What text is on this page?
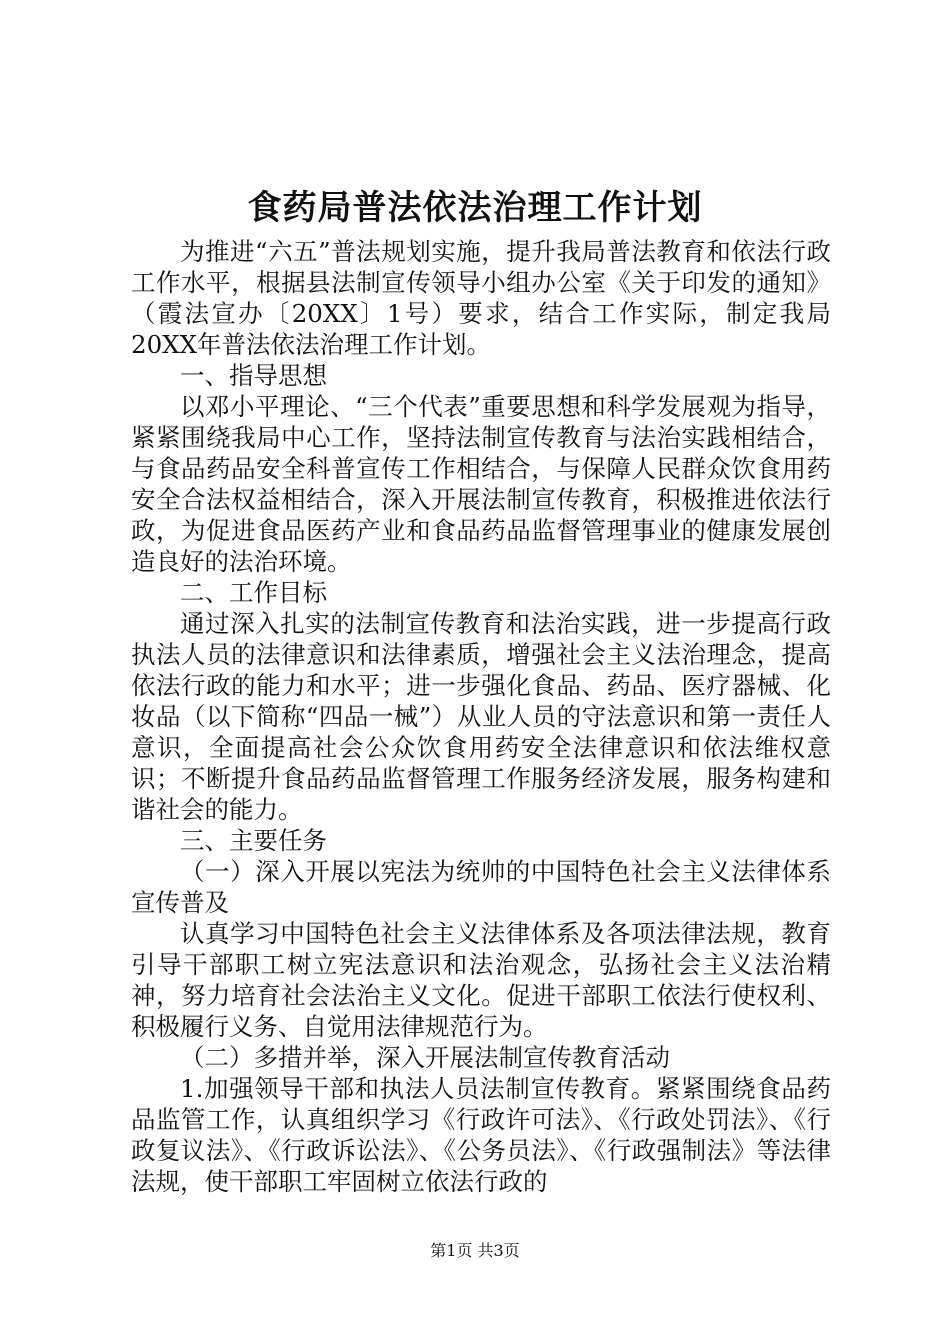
食药局普法依法治理工作计划

为推进“六五”普法规划实施，提升我局普法教育和依法行政工作水平，根据县法制宣传领导小组办公室《关于印发的通知》（霞法宣办〔20XX〕1号）要求，结合工作实际，制定我局20XX年普法依法治理工作计划。

一、指导思想

以邓小平理论、“三个代表”重要思想和科学发展观为指导，紧紧围绕我局中心工作，坚持法制宣传教育与法治实践相结合，与食品药品安全科普宣传工作相结合，与保障人民群众饮食用药安全合法权益相结合，深入开展法制宣传教育，积极推进依法行政，为促进食品医药产业和食品药品监督管理事业的健康发展创造良好的法治环境。

二、工作目标

通过深入扎实的法制宣传教育和法治实践，进一步提高行政执法人员的法律意识和法律素质，增强社会主义法治理念，提高依法行政的能力和水平；进一步强化食品、药品、医疗器械、化妆品（以下简称“四品一械”）从业人员的守法意识和第一责任人意识，全面提高社会公众饮食用药安全法律意识和依法维权意识；不断提升食品药品监督管理工作服务经济发展，服务构建和谐社会的能力。

三、主要任务

（一）深入开展以宪法为统帅的中国特色社会主义法律体系宣传普及

认真学习中国特色社会主义法律体系及各项法律法规，教育引导干部职工树立宪法意识和法治观念，弘扬社会主义法治精神，努力培育社会法治主义文化。促进干部职工依法行使权利、积极履行义务、自觉用法律规范行为。

（二）多措并举，深入开展法制宣传教育活动

1.加强领导干部和执法人员法制宣传教育。紧紧围绕食品药品监管工作，认真组织学习《行政许可法》、《行政处罚法》、《行政复议法》、《行政诉讼法》、《公务员法》、《行政强制法》等法律法规，使干部职工牢固树立依法行政的

第1页 共3页
